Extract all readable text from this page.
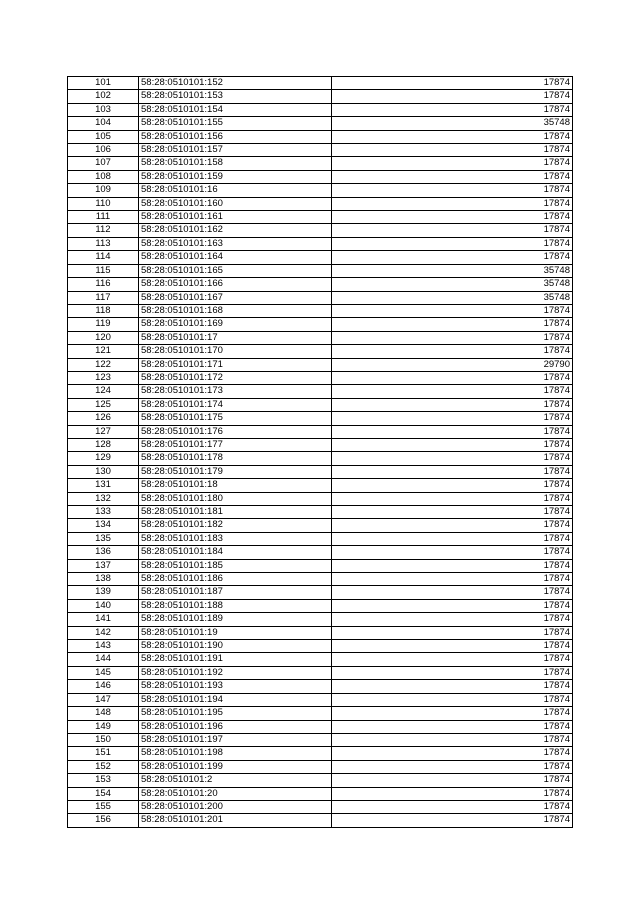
101	58:28:0510101:152	17874
102	58:28:0510101:153	17874
103	58:28:0510101:154	17874
104	58:28:0510101:155	35748
105	58:28:0510101:156	17874
106	58:28:0510101:157	17874
107	58:28:0510101:158	17874
108	58:28:0510101:159	17874
109	58:28:0510101:16	17874
110	58:28:0510101:160	17874
111	58:28:0510101:161	17874
112	58:28:0510101:162	17874
113	58:28:0510101:163	17874
114	58:28:0510101:164	17874
115	58:28:0510101:165	35748
116	58:28:0510101:166	35748
117	58:28:0510101:167	35748
118	58:28:0510101:168	17874
119	58:28:0510101:169	17874
120	58:28:0510101:17	17874
121	58:28:0510101:170	17874
122	58:28:0510101:171	29790
123	58:28:0510101:172	17874
124	58:28:0510101:173	17874
125	58:28:0510101:174	17874
126	58:28:0510101:175	17874
127	58:28:0510101:176	17874
128	58:28:0510101:177	17874
129	58:28:0510101:178	17874
130	58:28:0510101:179	17874
131	58:28:0510101:18	17874
132	58:28:0510101:180	17874
133	58:28:0510101:181	17874
134	58:28:0510101:182	17874
135	58:28:0510101:183	17874
136	58:28:0510101:184	17874
137	58:28:0510101:185	17874
138	58:28:0510101:186	17874
139	58:28:0510101:187	17874
140	58:28:0510101:188	17874
141	58:28:0510101:189	17874
142	58:28:0510101:19	17874
143	58:28:0510101:190	17874
144	58:28:0510101:191	17874
145	58:28:0510101:192	17874
146	58:28:0510101:193	17874
147	58:28:0510101:194	17874
148	58:28:0510101:195	17874
149	58:28:0510101:196	17874
150	58:28:0510101:197	17874
151	58:28:0510101:198	17874
152	58:28:0510101:199	17874
153	58:28:0510101:2	17874
154	58:28:0510101:20	17874
155	58:28:0510101:200	17874
156	58:28:0510101:201	17874
